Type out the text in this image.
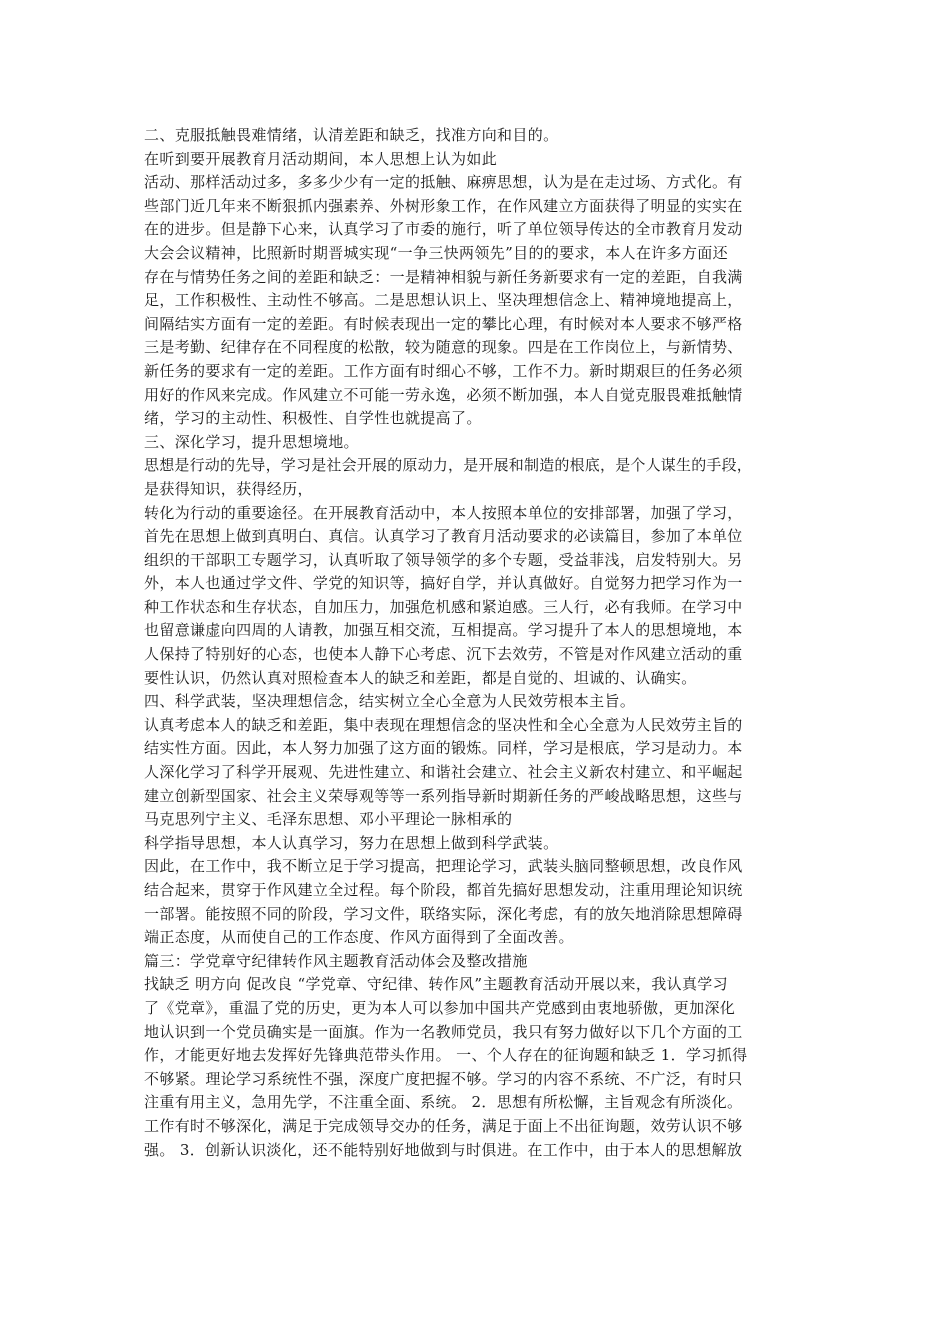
二、克服抵触畏难情绪，认清差距和缺乏，找准方向和目的。
在听到要开展教育月活动期间，本人思想上认为如此
活动、那样活动过多，多多少少有一定的抵触、麻痹思想，认为是在走过场、方式化。有
些部门近几年来不断狠抓内强素养、外树形象工作，在作风建立方面获得了明显的实实在
在的进步。但是静下心来，认真学习了市委的施行，听了单位领导传达的全市教育月发动
大会会议精神，比照新时期晋城实现“一争三快两领先”目的的要求，本人在许多方面还
存在与情势任务之间的差距和缺乏：一是精神相貌与新任务新要求有一定的差距，自我满
足，工作积极性、主动性不够高。二是思想认识上、坚决理想信念上、精神境地提高上，
间隔结实方面有一定的差距。有时候表现出一定的攀比心理，有时候对本人要求不够严格
三是考勤、纪律存在不同程度的松散，较为随意的现象。四是在工作岗位上，与新情势、
新任务的要求有一定的差距。工作方面有时细心不够，工作不力。新时期艰巨的任务必须
用好的作风来完成。作风建立不可能一劳永逸，必须不断加强，本人自觉克服畏难抵触情
绪，学习的主动性、积极性、自学性也就提高了。
三、深化学习，提升思想境地。
思想是行动的先导，学习是社会开展的原动力，是开展和制造的根底，是个人谋生的手段，
是获得知识，获得经历，
转化为行动的重要途径。在开展教育活动中，本人按照本单位的安排部署，加强了学习，
首先在思想上做到真明白、真信。认真学习了教育月活动要求的必读篇目，参加了本单位
组织的干部职工专题学习，认真听取了领导领学的多个专题，受益菲浅，启发特别大。另
外，本人也通过学文件、学党的知识等，搞好自学，并认真做好。自觉努力把学习作为一
种工作状态和生存状态，自加压力，加强危机感和紧迫感。三人行，必有我师。在学习中
也留意谦虚向四周的人请教，加强互相交流，互相提高。学习提升了本人的思想境地，本
人保持了特别好的心态，也使本人静下心考虑、沉下去效劳，不管是对作风建立活动的重
要性认识，仍然认真对照检查本人的缺乏和差距，都是自觉的、坦诚的、认确实。
四、科学武装，坚决理想信念，结实树立全心全意为人民效劳根本主旨。
认真考虑本人的缺乏和差距，集中表现在理想信念的坚决性和全心全意为人民效劳主旨的
结实性方面。因此，本人努力加强了这方面的锻炼。同样，学习是根底，学习是动力。本
人深化学习了科学开展观、先进性建立、和谐社会建立、社会主义新农村建立、和平崛起
建立创新型国家、社会主义荣辱观等等一系列指导新时期新任务的严峻战略思想，这些与
马克思列宁主义、毛泽东思想、邓小平理论一脉相承的
科学指导思想，本人认真学习，努力在思想上做到科学武装。
因此，在工作中，我不断立足于学习提高，把理论学习，武装头脑同整顿思想，改良作风
结合起来，贯穿于作风建立全过程。每个阶段，都首先搞好思想发动，注重用理论知识统
一部署。能按照不同的阶段，学习文件，联络实际，深化考虑，有的放矢地消除思想障碍
端正态度，从而使自己的工作态度、作风方面得到了全面改善。
篇三：学党章守纪律转作风主题教育活动体会及整改措施
找缺乏 明方向 促改良 “学党章、守纪律、转作风”主题教育活动开展以来，我认真学习
了《党章》，重温了党的历史，更为本人可以参加中国共产党感到由衷地骄傲，更加深化
地认识到一个党员确实是一面旗。作为一名教师党员，我只有努力做好以下几个方面的工
作，才能更好地去发挥好先锋典范带头作用。 一、个人存在的征询题和缺乏 1．学习抓得
不够紧。理论学习系统性不强，深度广度把握不够。学习的内容不系统、不广泛，有时只
注重有用主义，急用先学，不注重全面、系统。 2．思想有所松懈，主旨观念有所淡化。
工作有时不够深化，满足于完成领导交办的任务，满足于面上不出征询题，效劳认识不够
强。 3．创新认识淡化，还不能特别好地做到与时俱进。在工作中，由于本人的思想解放
